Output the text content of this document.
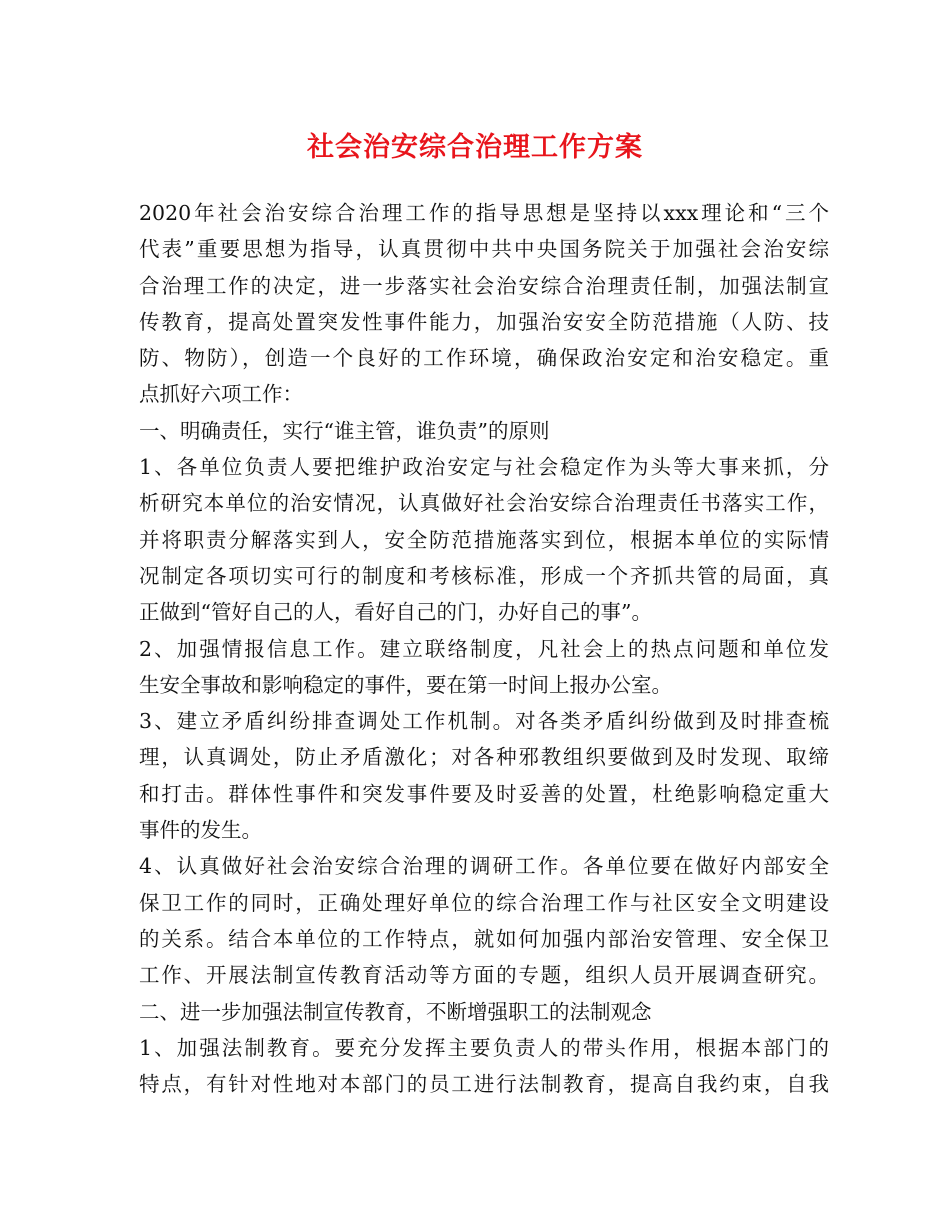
社会治安综合治理工作方案
2020年社会治安综合治理工作的指导思想是坚持以xxx理论和“三个
代表”重要思想为指导，认真贯彻中共中央国务院关于加强社会治安综
合治理工作的决定，进一步落实社会治安综合治理责任制，加强法制宣
传教育，提高处置突发性事件能力，加强治安安全防范措施（人防、技
防、物防），创造一个良好的工作环境，确保政治安定和治安稳定。重
点抓好六项工作：
一、明确责任，实行“谁主管，谁负责”的原则
1、各单位负责人要把维护政治安定与社会稳定作为头等大事来抓，分
析研究本单位的治安情况，认真做好社会治安综合治理责任书落实工作，
并将职责分解落实到人，安全防范措施落实到位，根据本单位的实际情
况制定各项切实可行的制度和考核标准，形成一个齐抓共管的局面，真
正做到“管好自己的人，看好自己的门，办好自己的事”。
2、加强情报信息工作。建立联络制度，凡社会上的热点问题和单位发
生安全事故和影响稳定的事件，要在第一时间上报办公室。
3、建立矛盾纠纷排查调处工作机制。对各类矛盾纠纷做到及时排查梳
理，认真调处，防止矛盾激化；对各种邪教组织要做到及时发现、取缔
和打击。群体性事件和突发事件要及时妥善的处置，杜绝影响稳定重大
事件的发生。
4、认真做好社会治安综合治理的调研工作。各单位要在做好内部安全
保卫工作的同时，正确处理好单位的综合治理工作与社区安全文明建设
的关系。结合本单位的工作特点，就如何加强内部治安管理、安全保卫
工作、开展法制宣传教育活动等方面的专题，组织人员开展调查研究。
二、进一步加强法制宣传教育，不断增强职工的法制观念
1、加强法制教育。要充分发挥主要负责人的带头作用，根据本部门的
特点，有针对性地对本部门的员工进行法制教育，提高自我约束，自我
